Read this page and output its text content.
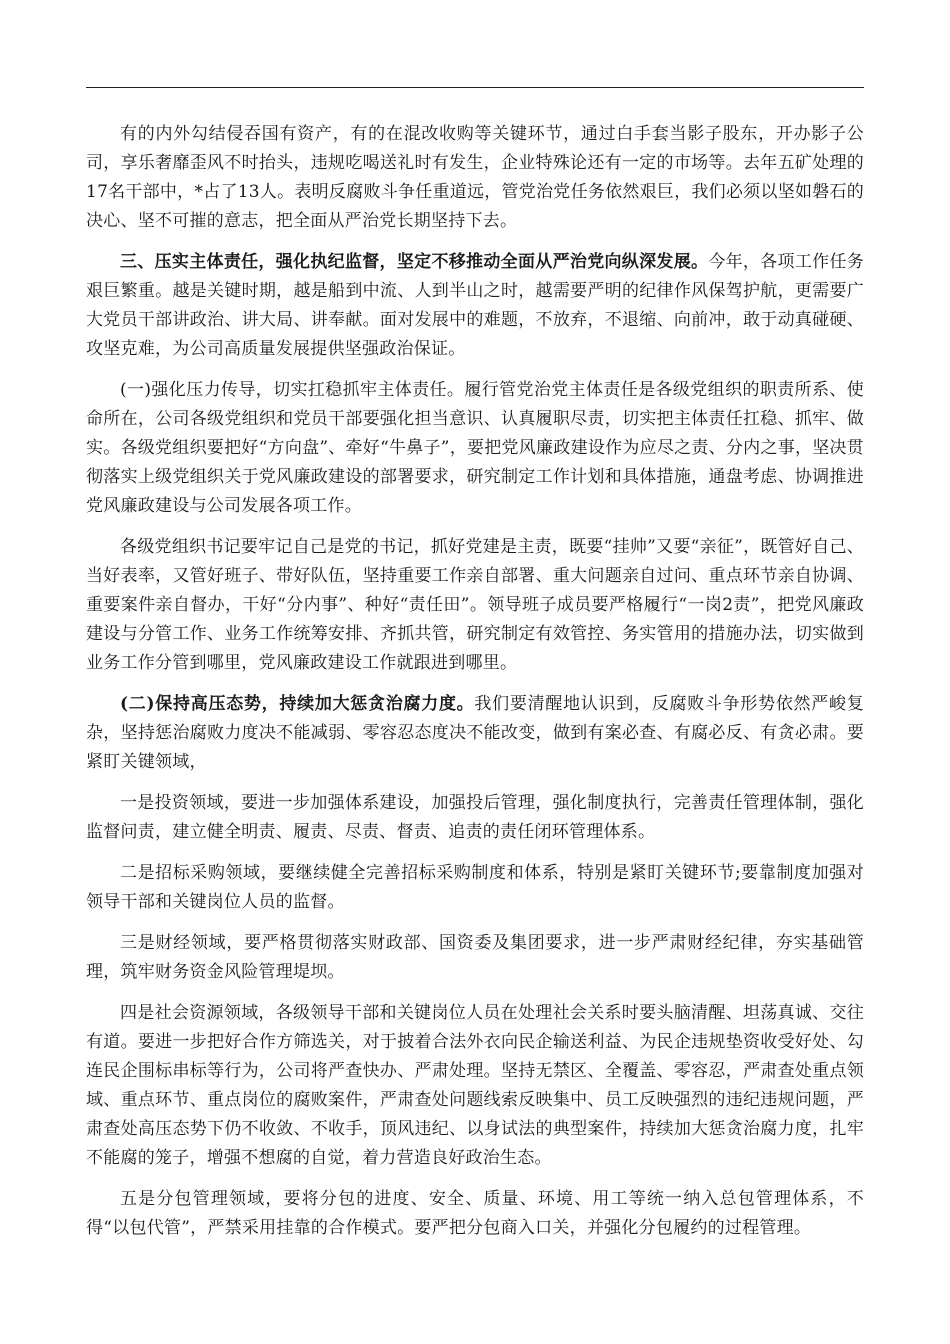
有的内外勾结侵吞国有资产，有的在混改收购等关键环节，通过白手套当影子股东，开办影子公司，享乐奢靡歪风不时抬头，违规吃喝送礼时有发生，企业特殊论还有一定的市场等。去年五矿处理的17名干部中，*占了13人。表明反腐败斗争任重道远，管党治党任务依然艰巨，我们必须以坚如磐石的决心、坚不可摧的意志，把全面从严治党长期坚持下去。

三、压实主体责任，强化执纪监督，坚定不移推动全面从严治党向纵深发展。今年，各项工作任务艰巨繁重。越是关键时期，越是船到中流、人到半山之时，越需要严明的纪律作风保驾护航，更需要广大党员干部讲政治、讲大局、讲奉献。面对发展中的难题，不放弃，不退缩、向前冲，敢于动真碰硬、攻坚克难，为公司高质量发展提供坚强政治保证。

(一)强化压力传导，切实扛稳抓牢主体责任。履行管党治党主体责任是各级党组织的职责所系、使命所在，公司各级党组织和党员干部要强化担当意识、认真履职尽责，切实把主体责任扛稳、抓牢、做实。各级党组织要把好“方向盘”、牵好“牛鼻子”，要把党风廉政建设作为应尽之责、分内之事，坚决贯彻落实上级党组织关于党风廉政建设的部署要求，研究制定工作计划和具体措施，通盘考虑、协调推进党风廉政建设与公司发展各项工作。

各级党组织书记要牢记自己是党的书记，抓好党建是主责，既要“挂帅”又要“亲征”，既管好自己、当好表率，又管好班子、带好队伍，坚持重要工作亲自部署、重大问题亲自过问、重点环节亲自协调、重要案件亲自督办，干好“分内事”、种好“责任田”。领导班子成员要严格履行“一岗2责”，把党风廉政建设与分管工作、业务工作统筹安排、齐抓共管，研究制定有效管控、务实管用的措施办法，切实做到业务工作分管到哪里，党风廉政建设工作就跟进到哪里。

(二)保持高压态势，持续加大惩贪治腐力度。我们要清醒地认识到，反腐败斗争形势依然严峻复杂，坚持惩治腐败力度决不能减弱、零容忍态度决不能改变，做到有案必查、有腐必反、有贪必肃。要紧盯关键领域，

一是投资领域，要进一步加强体系建设，加强投后管理，强化制度执行，完善责任管理体制，强化监督问责，建立健全明责、履责、尽责、督责、追责的责任闭环管理体系。

二是招标采购领域，要继续健全完善招标采购制度和体系，特别是紧盯关键环节;要靠制度加强对领导干部和关键岗位人员的监督。

三是财经领域，要严格贯彻落实财政部、国资委及集团要求，进一步严肃财经纪律，夯实基础管理，筑牢财务资金风险管理堤坝。

四是社会资源领域，各级领导干部和关键岗位人员在处理社会关系时要头脑清醒、坦荡真诚、交往有道。要进一步把好合作方筛选关，对于披着合法外衣向民企输送利益、为民企违规垫资收受好处、勾连民企围标串标等行为，公司将严查快办、严肃处理。坚持无禁区、全覆盖、零容忍，严肃查处重点领域、重点环节、重点岗位的腐败案件，严肃查处问题线索反映集中、员工反映强烈的违纪违规问题，严肃查处高压态势下仍不收敛、不收手，顶风违纪、以身试法的典型案件，持续加大惩贪治腐力度，扎牢不能腐的笼子，增强不想腐的自觉，着力营造良好政治生态。

五是分包管理领域，要将分包的进度、安全、质量、环境、用工等统一纳入总包管理体系，不得“以包代管”，严禁采用挂靠的合作模式。要严把分包商入口关，并强化分包履约的过程管理。
